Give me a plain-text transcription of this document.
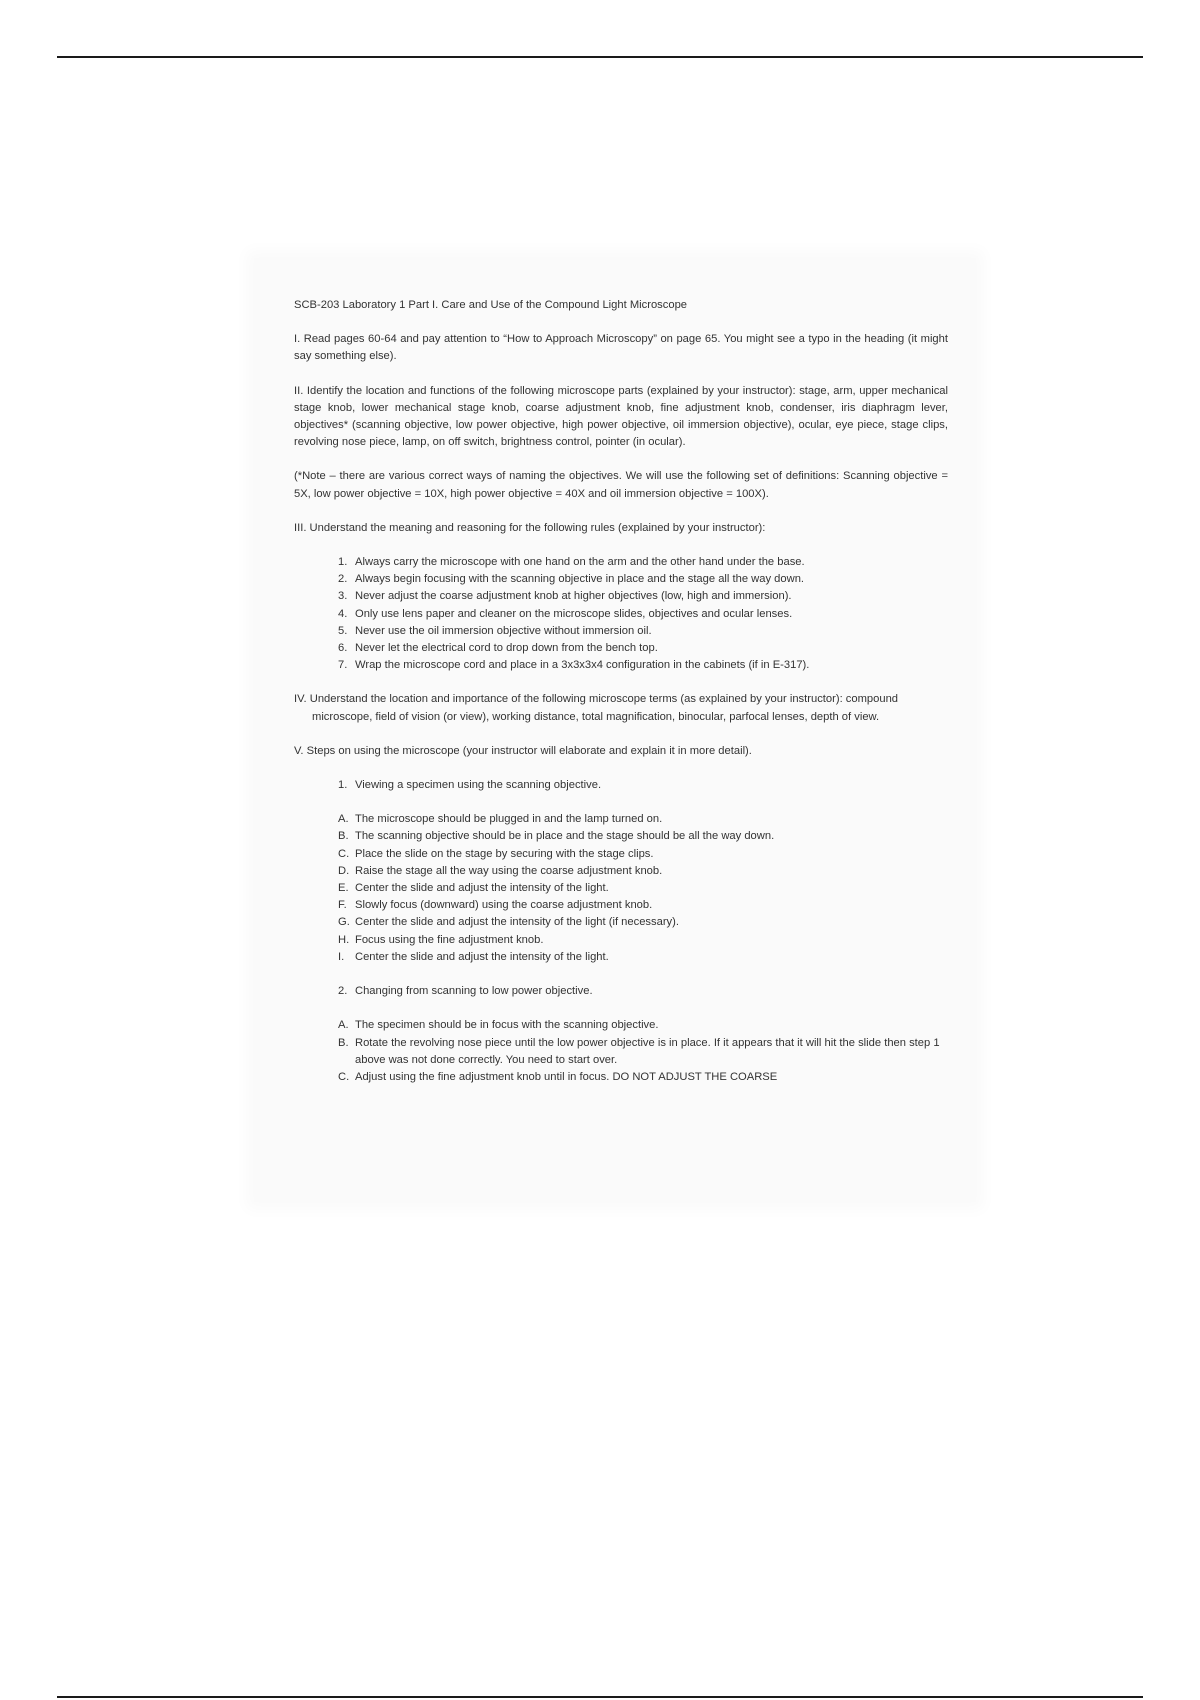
SCB-203 Laboratory 1 Part I. Care and Use of the Compound Light Microscope

I. Read pages 60-64 and pay attention to “How to Approach Microscopy” on page 65. You might see a typo in the heading (it might say something else).

II. Identify the location and functions of the following microscope parts (explained by your instructor): stage, arm, upper mechanical stage knob, lower mechanical stage knob, coarse adjustment knob, fine adjustment knob, condenser, iris diaphragm lever, objectives* (scanning objective, low power objective, high power objective, oil immersion objective), ocular, eye piece, stage clips, revolving nose piece, lamp, on off switch, brightness control, pointer (in ocular).

(*Note – there are various correct ways of naming the objectives. We will use the following set of definitions: Scanning objective = 5X, low power objective = 10X, high power objective = 40X and oil immersion objective = 100X).

III. Understand the meaning and reasoning for the following rules (explained by your instructor):

1. Always carry the microscope with one hand on the arm and the other hand under the base.
2. Always begin focusing with the scanning objective in place and the stage all the way down.
3. Never adjust the coarse adjustment knob at higher objectives (low, high and immersion).
4. Only use lens paper and cleaner on the microscope slides, objectives and ocular lenses.
5. Never use the oil immersion objective without immersion oil.
6. Never let the electrical cord to drop down from the bench top.
7. Wrap the microscope cord and place in a 3x3x3x4 configuration in the cabinets (if in E-317).

IV. Understand the location and importance of the following microscope terms (as explained by your instructor): compound microscope, field of vision (or view), working distance, total magnification, binocular, parfocal lenses, depth of view.

V. Steps on using the microscope (your instructor will elaborate and explain it in more detail).

1. Viewing a specimen using the scanning objective.
A. The microscope should be plugged in and the lamp turned on.
B. The scanning objective should be in place and the stage should be all the way down.
C. Place the slide on the stage by securing with the stage clips.
D. Raise the stage all the way using the coarse adjustment knob.
E. Center the slide and adjust the intensity of the light.
F. Slowly focus (downward) using the coarse adjustment knob.
G. Center the slide and adjust the intensity of the light (if necessary).
H. Focus using the fine adjustment knob.
I. Center the slide and adjust the intensity of the light.
2. Changing from scanning to low power objective.
A. The specimen should be in focus with the scanning objective.
B. Rotate the revolving nose piece until the low power objective is in place. If it appears that it will hit the slide then step 1 above was not done correctly. You need to start over.
C. Adjust using the fine adjustment knob until in focus. DO NOT ADJUST THE COARSE
